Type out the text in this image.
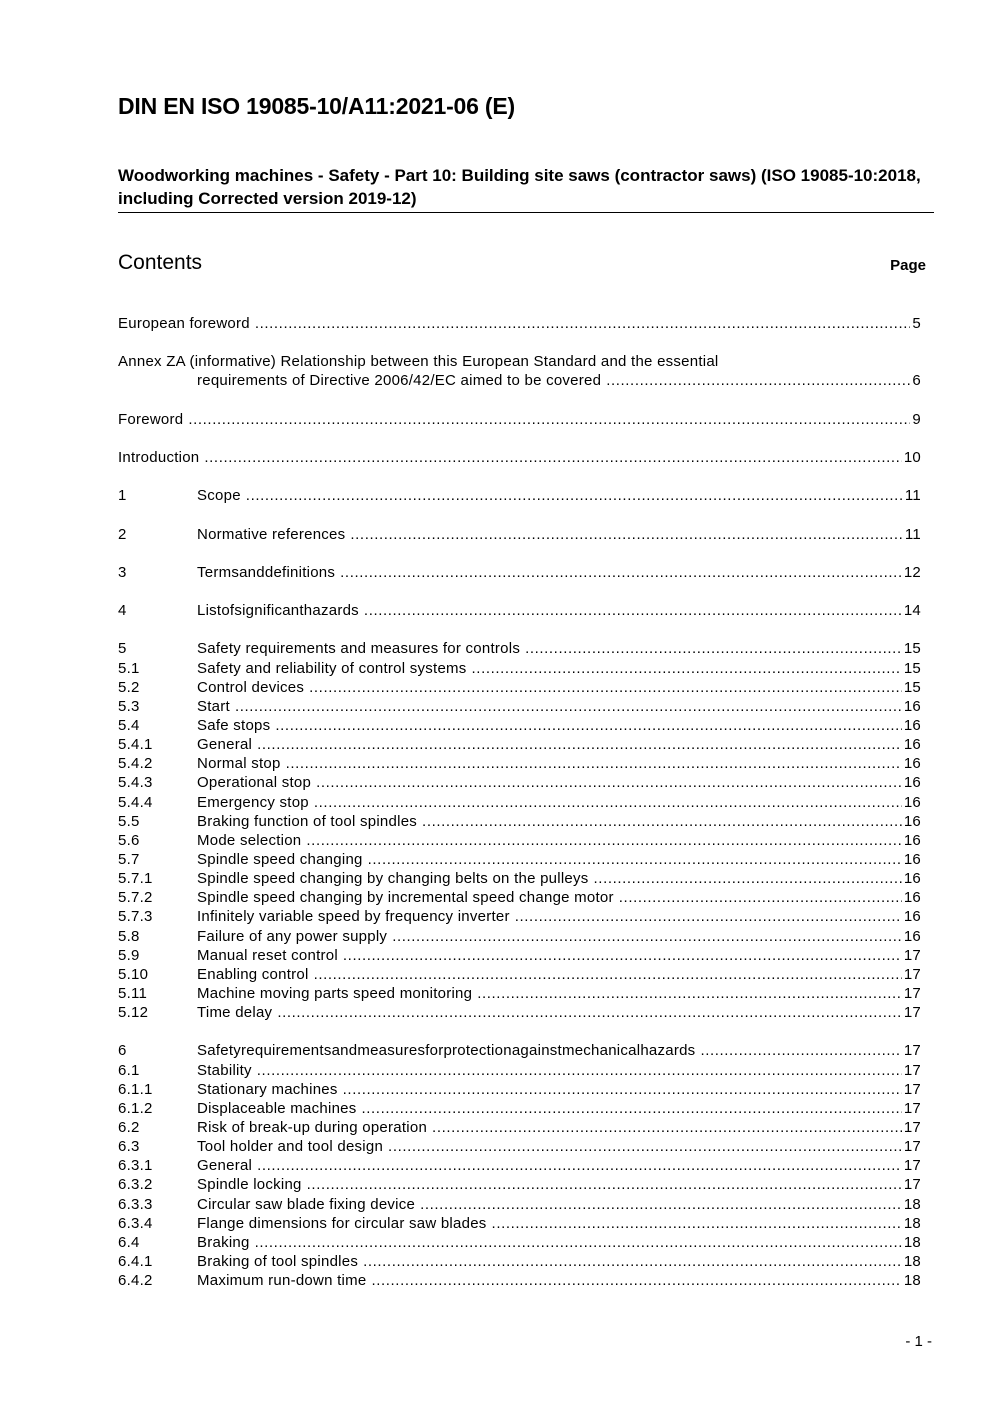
DIN EN ISO 19085-10/A11:2021-06 (E)
Woodworking machines - Safety - Part 10: Building site saws (contractor saws) (ISO 19085-10:2018, including Corrected version 2019-12)
Contents	Page
European foreword .....	5
Annex ZA (informative) Relationship between this European Standard and the essential
requirements of Directive 2006/42/EC aimed to be covered .....	6
Foreword .....	9
Introduction .....	10
1	Scope .....	11
2	Normative references .....	11
3	Termsanddefinitions .....	12
4	Listofsignificanthazards .....	14
5	Safety requirements and measures for controls .....	15
5.1	Safety and reliability of control systems .....	15
5.2	Control devices .....	15
5.3	Start .....	16
5.4	Safe stops .....	16
5.4.1	General .....	16
5.4.2	Normal stop .....	16
5.4.3	Operational stop .....	16
5.4.4	Emergency stop .....	16
5.5	Braking function of tool spindles .....	16
5.6	Mode selection .....	16
5.7	Spindle speed changing .....	16
5.7.1	Spindle speed changing by changing belts on the pulleys .....	16
5.7.2	Spindle speed changing by incremental speed change motor .....	16
5.7.3	Infinitely variable speed by frequency inverter .....	16
5.8	Failure of any power supply .....	16
5.9	Manual reset control .....	17
5.10	Enabling control .....	17
5.11	Machine moving parts speed monitoring .....	17
5.12	Time delay .....	17
6	Safetyrequirementsandmeasuresforprotectionagainstmechanicalhazards .....	17
6.1	Stability .....	17
6.1.1	Stationary machines .....	17
6.1.2	Displaceable machines .....	17
6.2	Risk of break-up during operation .....	17
6.3	Tool holder and tool design .....	17
6.3.1	General .....	17
6.3.2	Spindle locking .....	17
6.3.3	Circular saw blade fixing device .....	18
6.3.4	Flange dimensions for circular saw blades .....	18
6.4	Braking .....	18
6.4.1	Braking of tool spindles .....	18
6.4.2	Maximum run-down time .....	18
- 1 -
